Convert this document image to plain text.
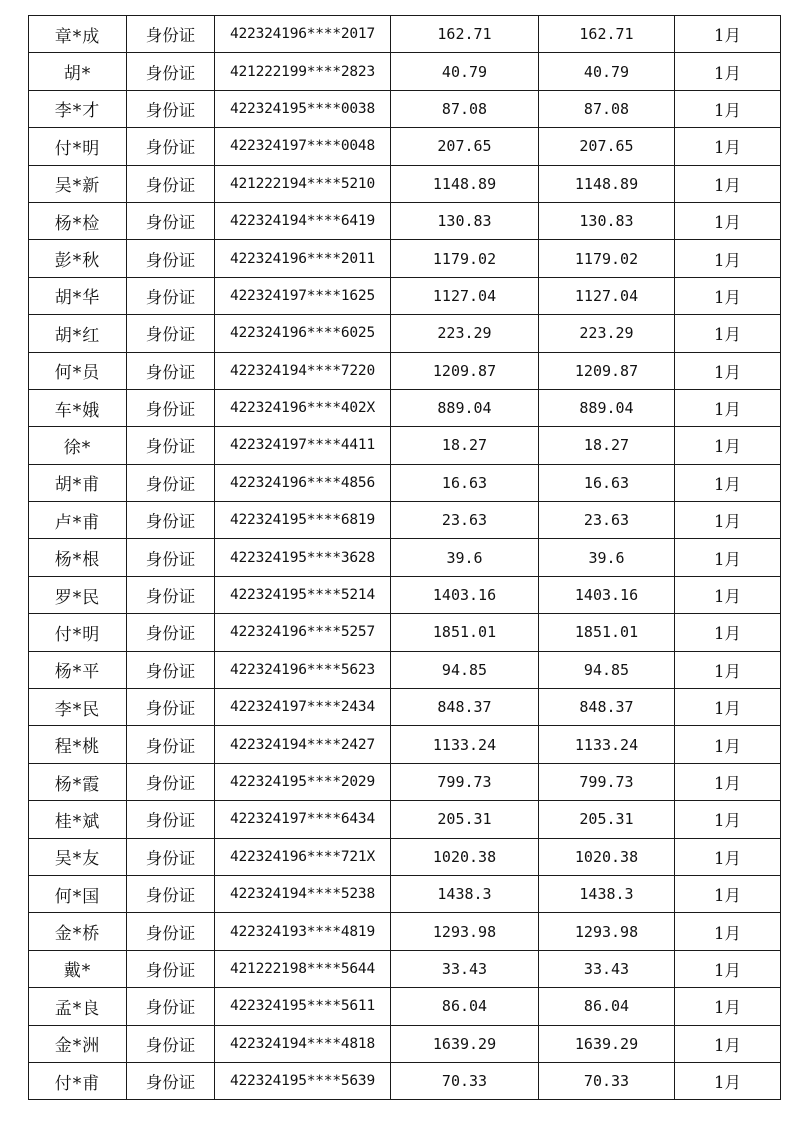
章*成	身份证	422324196****2017	162.71	162.71	1月
胡*	身份证	421222199****2823	40.79	40.79	1月
李*才	身份证	422324195****0038	87.08	87.08	1月
付*明	身份证	422324197****0048	207.65	207.65	1月
吴*新	身份证	421222194****5210	1148.89	1148.89	1月
杨*检	身份证	422324194****6419	130.83	130.83	1月
彭*秋	身份证	422324196****2011	1179.02	1179.02	1月
胡*华	身份证	422324197****1625	1127.04	1127.04	1月
胡*红	身份证	422324196****6025	223.29	223.29	1月
何*员	身份证	422324194****7220	1209.87	1209.87	1月
车*娥	身份证	422324196****402X	889.04	889.04	1月
徐*	身份证	422324197****4411	18.27	18.27	1月
胡*甫	身份证	422324196****4856	16.63	16.63	1月
卢*甫	身份证	422324195****6819	23.63	23.63	1月
杨*根	身份证	422324195****3628	39.6	39.6	1月
罗*民	身份证	422324195****5214	1403.16	1403.16	1月
付*明	身份证	422324196****5257	1851.01	1851.01	1月
杨*平	身份证	422324196****5623	94.85	94.85	1月
李*民	身份证	422324197****2434	848.37	848.37	1月
程*桃	身份证	422324194****2427	1133.24	1133.24	1月
杨*霞	身份证	422324195****2029	799.73	799.73	1月
桂*斌	身份证	422324197****6434	205.31	205.31	1月
吴*友	身份证	422324196****721X	1020.38	1020.38	1月
何*国	身份证	422324194****5238	1438.3	1438.3	1月
金*桥	身份证	422324193****4819	1293.98	1293.98	1月
戴*	身份证	421222198****5644	33.43	33.43	1月
孟*良	身份证	422324195****5611	86.04	86.04	1月
金*洲	身份证	422324194****4818	1639.29	1639.29	1月
付*甫	身份证	422324195****5639	70.33	70.33	1月
